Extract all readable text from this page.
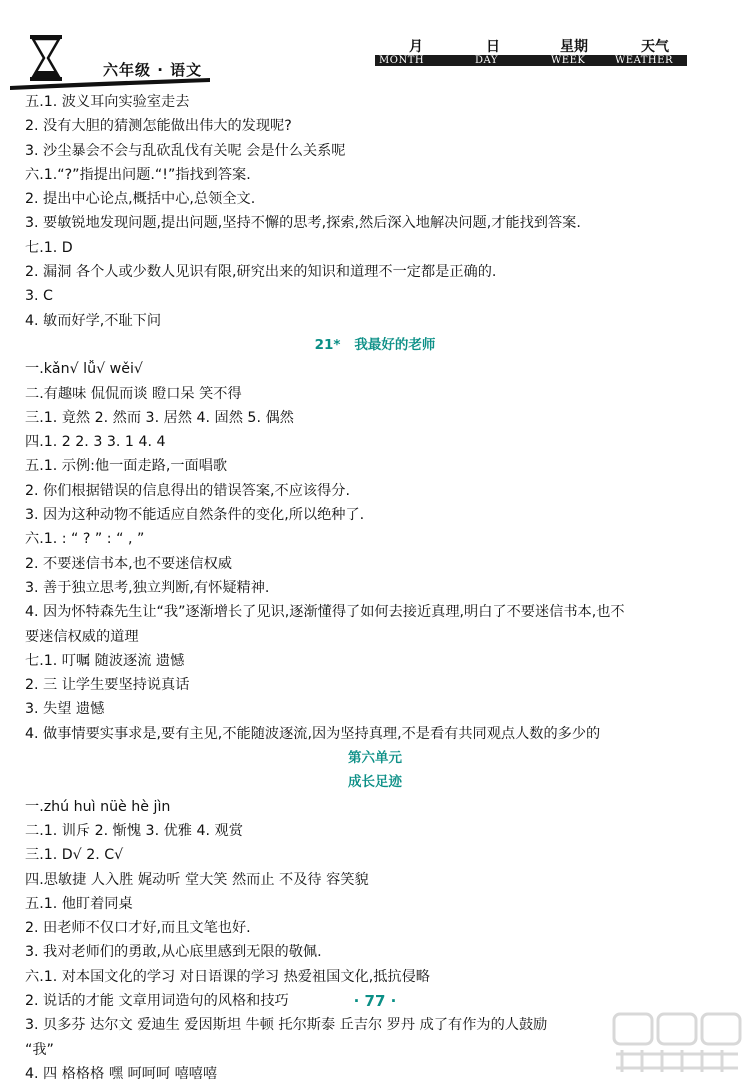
六年级 · 语文
月	日	星期	天气
MONTH	DAY	WEEK	WEATHER
五.1. 波义耳向实验室走去
2. 没有大胆的猜测怎能做出伟大的发现呢?
3. 沙尘暴会不会与乱砍乱伐有关呢 会是什么关系呢
六.1.“?”指提出问题.“!”指找到答案.
2. 提出中心论点,概括中心,总领全文.
3. 要敏锐地发现问题,提出问题,坚持不懈的思考,探索,然后深入地解决问题,才能找到答案.
七.1. D
2. 漏洞 各个人或少数人见识有限,研究出来的知识和道理不一定都是正确的.
3. C
4. 敏而好学,不耻下问
21* 我最好的老师
一.kǎn√ lǚ√ wěi√
二.有趣味 侃侃而谈 瞪口呆 笑不得
三.1. 竟然 2. 然而 3. 居然 4. 固然 5. 偶然
四.1. 2 2. 3 3. 1 4. 4
五.1. 示例:他一面走路,一面唱歌
2. 你们根据错误的信息得出的错误答案,不应该得分.
3. 因为这种动物不能适应自然条件的变化,所以绝种了.
六.1. : “ ? ” : “ , ”
2. 不要迷信书本,也不要迷信权威
3. 善于独立思考,独立判断,有怀疑精神.
4. 因为怀特森先生让“我”逐渐增长了见识,逐渐懂得了如何去接近真理,明白了不要迷信书本,也不
要迷信权威的道理
七.1. 叮嘱 随波逐流 遗憾
2. 三 让学生要坚持说真话
3. 失望 遗憾
4. 做事情要实事求是,要有主见,不能随波逐流,因为坚持真理,不是看有共同观点人数的多少的
第六单元
成长足迹
一.zhú huì nüè hè jìn
二.1. 训斥 2. 惭愧 3. 优雅 4. 观赏
三.1. D√ 2. C√
四.思敏捷 人入胜 娓动听 堂大笑 然而止 不及待 容笑貌
五.1. 他盯着同桌
2. 田老师不仅口才好,而且文笔也好.
3. 我对老师们的勇敢,从心底里感到无限的敬佩.
六.1. 对本国文化的学习 对日语课的学习 热爱祖国文化,抵抗侵略
2. 说话的才能 文章用词造句的风格和技巧
3. 贝多芬 达尔文 爱迪生 爱因斯坦 牛顿 托尔斯泰 丘吉尔 罗丹 成了有作为的人鼓励
“我”
4. 四 格格格 嘿 呵呵呵 嘻嘻嘻
· 77 ·
